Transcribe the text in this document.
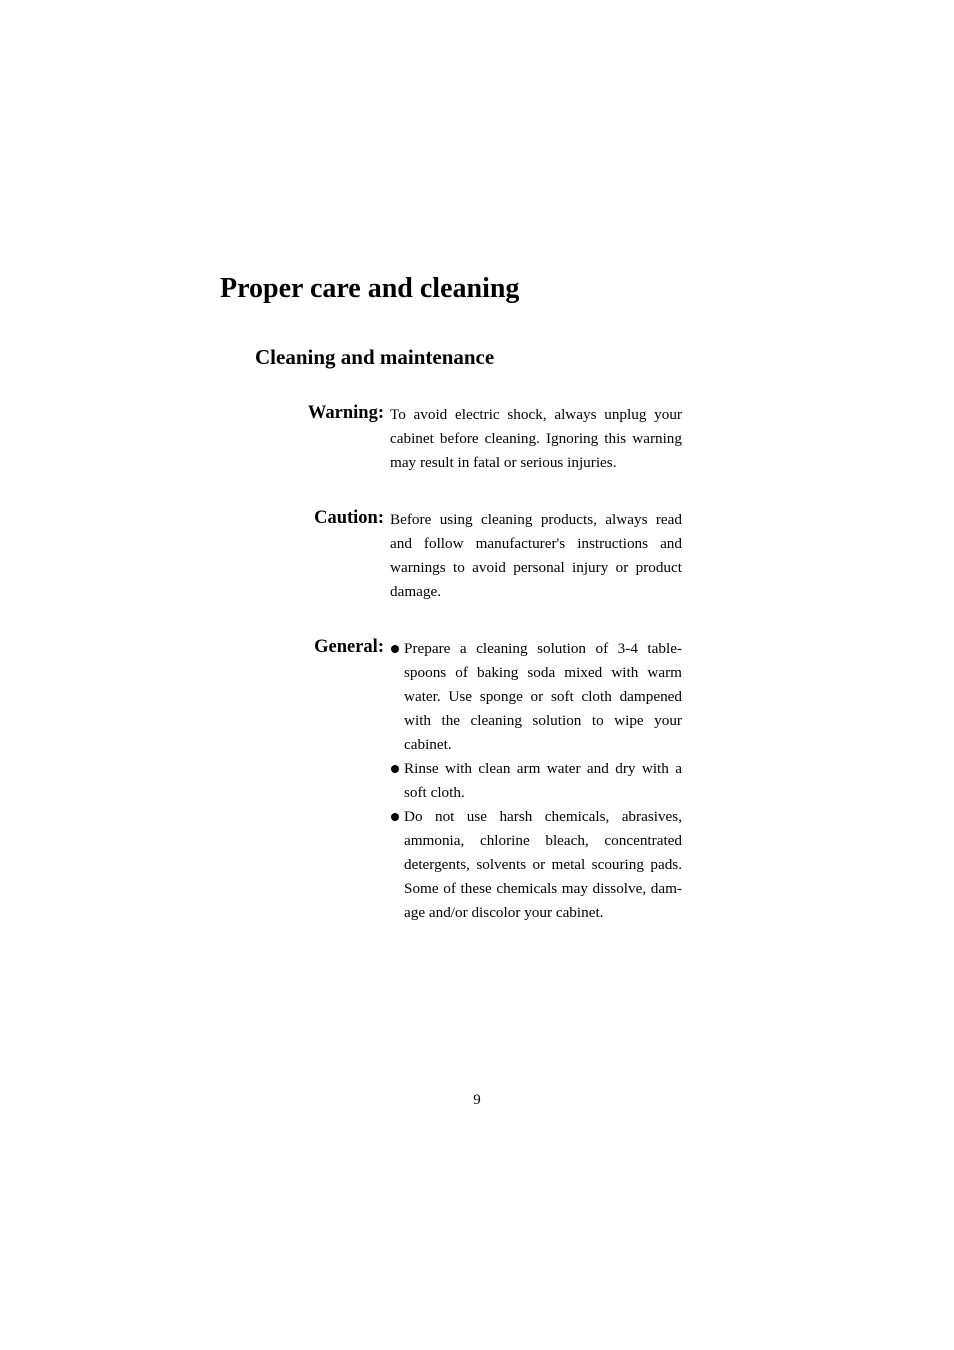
Proper care and cleaning
Cleaning and maintenance

Warning: To avoid electric shock, always unplug your cabinet before cleaning. Ignoring this warning may result in fatal or serious injuries.

Caution: Before using cleaning products, always read and follow manufacturer's instructions and warnings to avoid personal injury or product damage.

General:	Prepare a cleaning solution of 3-4 table-spoons of baking soda mixed with warm water. Use sponge or soft cloth dampened with the cleaning solution to wipe your cabinet.
Rinse with clean arm water and dry with a soft cloth.
Do not use harsh chemicals, abrasives, ammonia, chlorine bleach, concentrated detergents, solvents or metal scouring pads. Some of these chemicals may dissolve, dam-age and/or discolor your cabinet.

9
